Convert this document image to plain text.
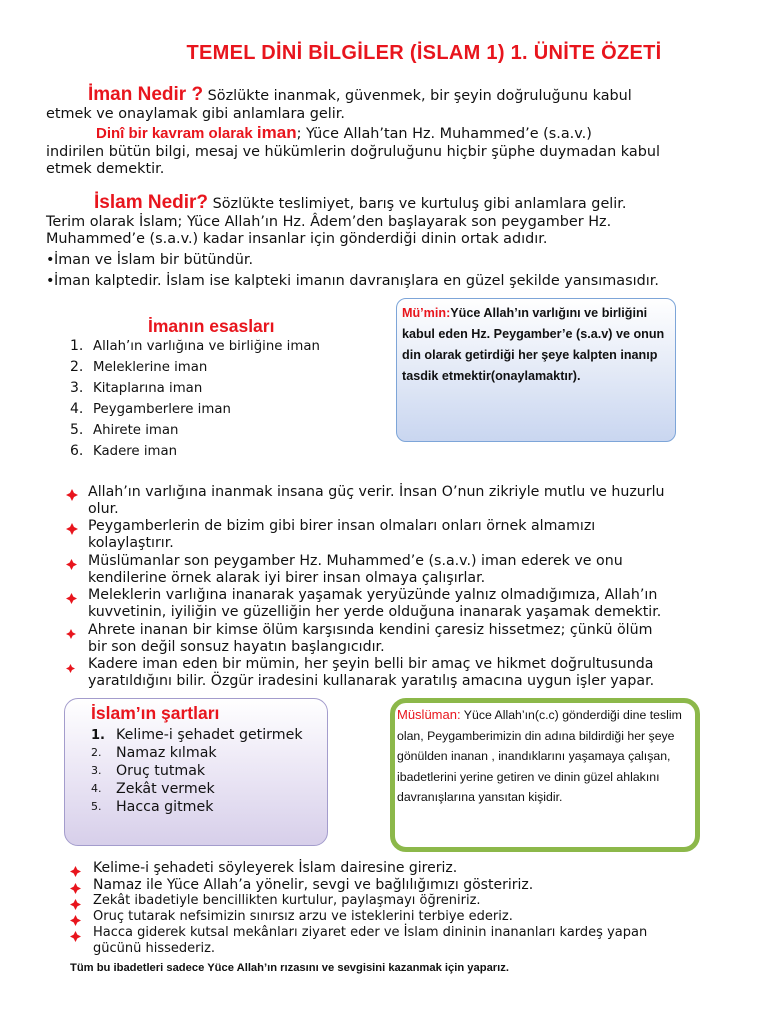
TEMEL DİNİ BİLGİLER (İSLAM 1) 1. ÜNİTE ÖZETİ
İman Nedir ? Sözlükte inanmak, güvenmek, bir şeyin doğruluğunu kabul
etmek ve onaylamak gibi anlamlara gelir.
Dinî bir kavram olarak iman; Yüce Allah’tan Hz. Muhammed’e (s.a.v.)
indirilen bütün bilgi, mesaj ve hükümlerin doğruluğunu hiçbir şüphe duymadan kabul
etmek demektir.
İslam Nedir? Sözlükte teslimiyet, barış ve kurtuluş gibi anlamlara gelir.
Terim olarak İslam; Yüce Allah’ın Hz. Âdem’den başlayarak son peygamber Hz.
Muhammed’e (s.a.v.) kadar insanlar için gönderdiği dinin ortak adıdır.
•İman ve İslam bir bütündür.
•İman kalptedir. İslam ise kalpteki imanın davranışlara en güzel şekilde yansımasıdır.
İmanın esasları
1. Allah’ın varlığına ve birliğine iman
2. Meleklerine iman
3. Kitaplarına iman
4. Peygamberlere iman
5. Ahirete iman
6. Kadere iman
Mü’min:Yüce Allah’ın varlığını ve birliğini kabul eden Hz. Peygamber’e (s.a.v) ve onun din olarak getirdiği her şeye kalpten inanıp tasdik etmektir(onaylamaktır).
Allah’ın varlığına inanmak insana güç verir. İnsan O’nun zikriyle mutlu ve huzurlu
olur.
Peygamberlerin de bizim gibi birer insan olmaları onları örnek almamızı
kolaylaştırır.
Müslümanlar son peygamber Hz. Muhammed’e (s.a.v.) iman ederek ve onu
kendilerine örnek alarak iyi birer insan olmaya çalışırlar.
Meleklerin varlığına inanarak yaşamak yeryüzünde yalnız olmadığımıza, Allah’ın
kuvvetinin, iyiliğin ve güzelliğin her yerde olduğuna inanarak yaşamak demektir.
Ahrete inanan bir kimse ölüm karşısında kendini çaresiz hissetmez; çünkü ölüm
bir son değil sonsuz hayatın başlangıcıdır.
Kadere iman eden bir mümin, her şeyin belli bir amaç ve hikmet doğrultusunda
yaratıldığını bilir. Özgür iradesini kullanarak yaratılış amacına uygun işler yapar.
İslam’ın şartları
1. Kelime-i şehadet getirmek
2. Namaz kılmak
3. Oruç tutmak
4. Zekât vermek
5. Hacca gitmek
Müslüman: Yüce Allah’ın(c.c) gönderdiği dine teslim olan, Peygamberimizin din adına bildirdiği her şeye gönülden inanan , inandıklarını yaşamaya çalışan, ibadetlerini yerine getiren ve dinin güzel ahlakını davranışlarına yansıtan kişidir.
Kelime-i şehadeti söyleyerek İslam dairesine gireriz.
Namaz ile Yüce Allah’a yönelir, sevgi ve bağlılığımızı gösteririz.
Zekât ibadetiyle bencillikten kurtulur, paylaşmayı öğreniriz.
Oruç tutarak nefsimizin sınırsız arzu ve isteklerini terbiye ederiz.
Hacca giderek kutsal mekânları ziyaret eder ve İslam dininin inananları kardeş yapan
gücünü hissederiz.
Tüm bu ibadetleri sadece Yüce Allah’ın rızasını ve sevgisini kazanmak için yaparız.
